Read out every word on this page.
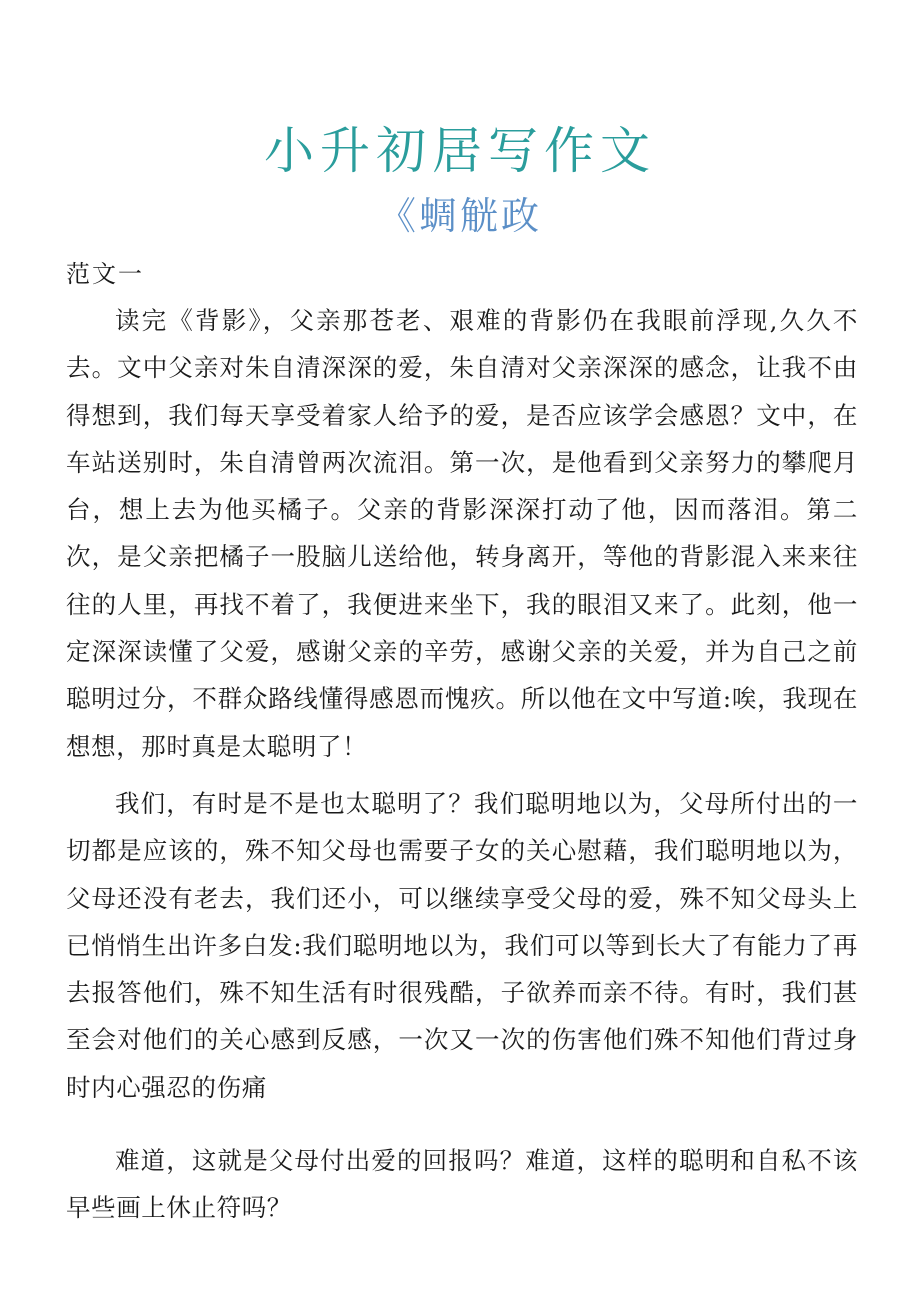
小升初居写作文
《蜩觥政
范文一

读完《背影》，父亲那苍老、艰难的背影仍在我眼前浮现,久久不去。文中父亲对朱自清深深的爱，朱自清对父亲深深的感念，让我不由得想到，我们每天享受着家人给予的爱，是否应该学会感恩？文中，在车站送别时，朱自清曾两次流泪。第一次，是他看到父亲努力的攀爬月台，想上去为他买橘子。父亲的背影深深打动了他，因而落泪。第二次，是父亲把橘子一股脑儿送给他，转身离开，等他的背影混入来来往往的人里，再找不着了，我便进来坐下，我的眼泪又来了。此刻，他一定深深读懂了父爱，感谢父亲的辛劳，感谢父亲的关爱，并为自己之前聪明过分，不群众路线懂得感恩而愧疚。所以他在文中写道:唉，我现在想想，那时真是太聪明了！

我们，有时是不是也太聪明了？我们聪明地以为，父母所付出的一切都是应该的，殊不知父母也需要子女的关心慰藉，我们聪明地以为，父母还没有老去，我们还小，可以继续享受父母的爱，殊不知父母头上已悄悄生出许多白发:我们聪明地以为，我们可以等到长大了有能力了再去报答他们，殊不知生活有时很残酷，子欲养而亲不待。有时，我们甚至会对他们的关心感到反感，一次又一次的伤害他们殊不知他们背过身时内心强忍的伤痛

难道，这就是父母付出爱的回报吗？难道，这样的聪明和自私不该早些画上休止符吗？
